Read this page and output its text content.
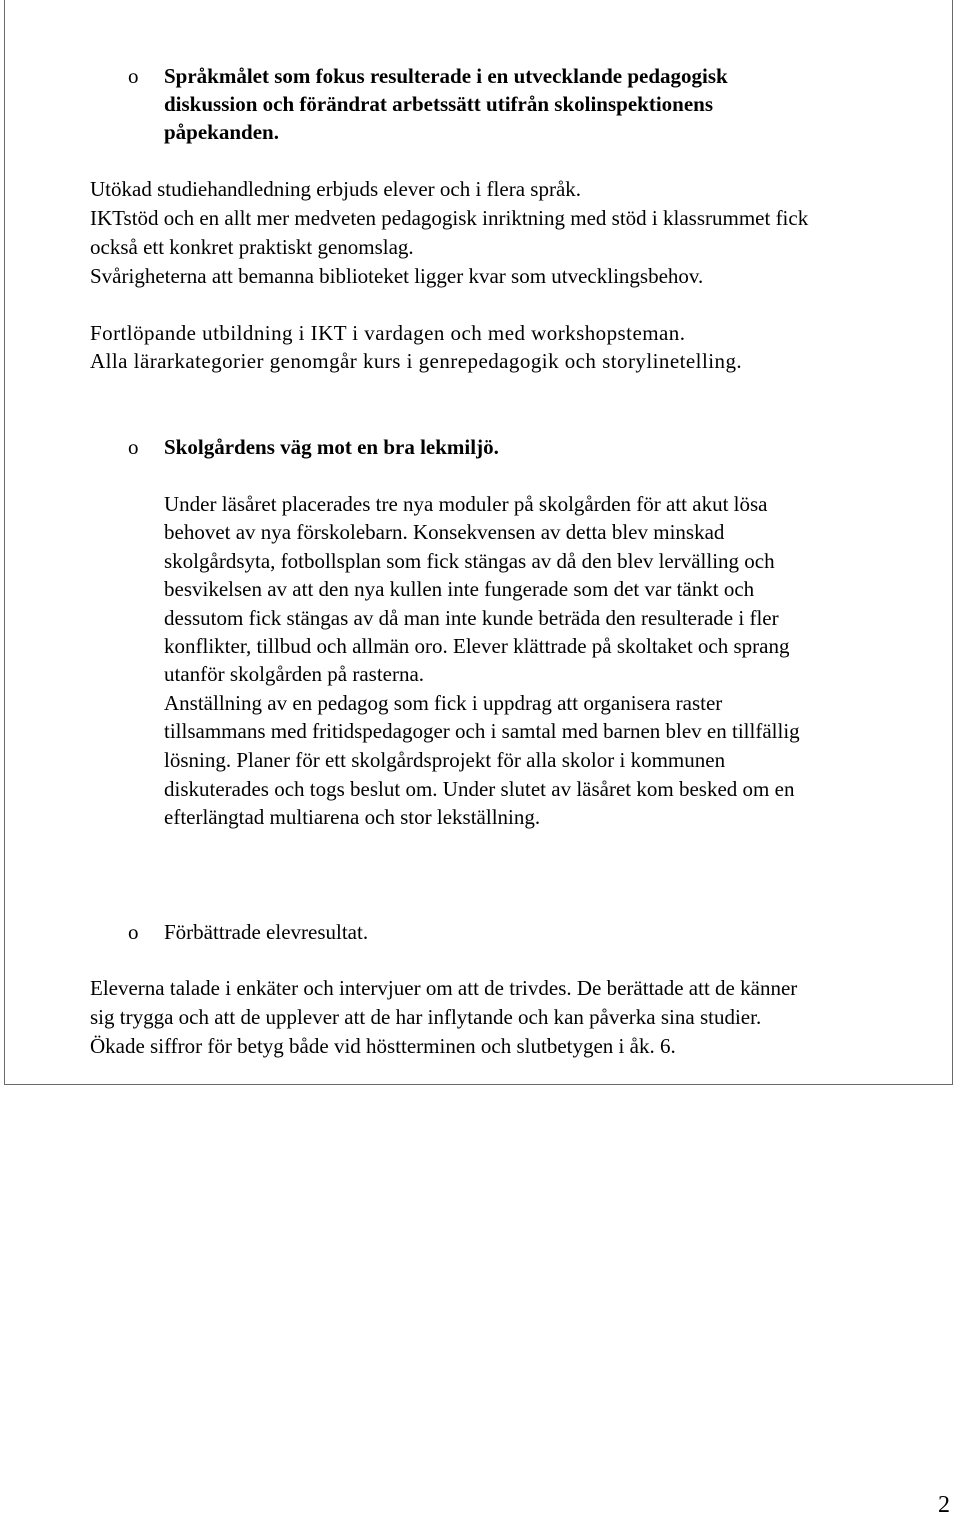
o Språkmålet som fokus resulterade i en utvecklande pedagogisk
diskussion och förändrat arbetssätt utifrån skolinspektionens
påpekanden.
Utökad studiehandledning erbjuds elever och i flera språk.
IKTstöd och en allt mer medveten pedagogisk inriktning med stöd i klassrummet fick
också ett konkret praktiskt genomslag.
Svårigheterna att bemanna biblioteket ligger kvar som utvecklingsbehov.
Fortlöpande utbildning i IKT i vardagen och med workshopsteman.
Alla lärarkategorier genomgår kurs i genrepedagogik och storylinetelling.
o Skolgårdens väg mot en bra lekmiljö.
Under läsåret placerades tre nya moduler på skolgården för att akut lösa
behovet av nya förskolebarn. Konsekvensen av detta blev minskad
skolgårdsyta, fotbollsplan som fick stängas av då den blev lervälling och
besvikelsen av att den nya kullen inte fungerade som det var tänkt och
dessutom fick stängas av då man inte kunde beträda den resulterade i fler
konflikter, tillbud och allmän oro. Elever klättrade på skoltaket och sprang
utanför skolgården på rasterna.
Anställning av en pedagog som fick i uppdrag att organisera raster
tillsammans med fritidspedagoger och i samtal med barnen blev en tillfällig
lösning. Planer för ett skolgårdsprojekt för alla skolor i kommunen
diskuterades och togs beslut om. Under slutet av läsåret kom besked om en
efterlängtad multiarena och stor lekställning.
o Förbättrade elevresultat.
Eleverna talade i enkäter och intervjuer om att de trivdes. De berättade att de känner
sig trygga och att de upplever att de har inflytande och kan påverka sina studier.
Ökade siffror för betyg både vid höstterminen och slutbetygen i åk. 6.
2
